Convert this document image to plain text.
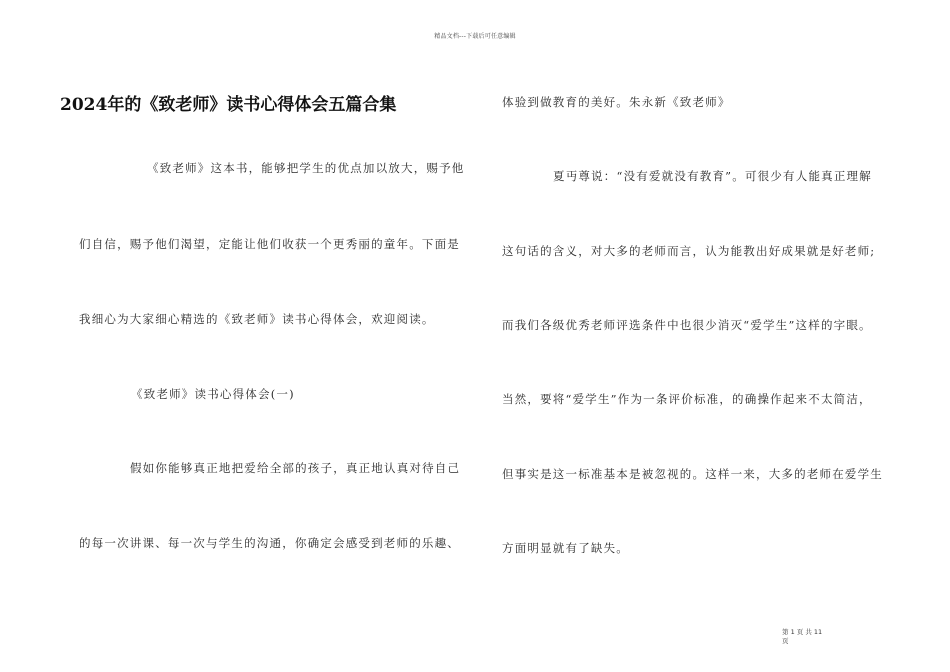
精品文档---下载后可任意编辑
2024年的《致老师》读书心得体会五篇合集
《致老师》这本书，能够把学生的优点加以放大，赐予他
们自信，赐予他们渴望，定能让他们收获一个更秀丽的童年。下面是
我细心为大家细心精选的《致老师》读书心得体会，欢迎阅读。
《致老师》读书心得体会(一)
假如你能够真正地把爱给全部的孩子，真正地认真对待自己
的每一次讲课、每一次与学生的沟通，你确定会感受到老师的乐趣、
体验到做教育的美好。朱永新《致老师》
夏丏尊说：“没有爱就没有教育”。可很少有人能真正理解
这句话的含义，对大多的老师而言，认为能教出好成果就是好老师;
而我们各级优秀老师评选条件中也很少消灭“爱学生”这样的字眼。
当然，要将“爱学生”作为一条评价标准，的确操作起来不太简洁，
但事实是这一标准基本是被忽视的。这样一来，大多的老师在爱学生
方面明显就有了缺失。
第 1 页 共 11 页
